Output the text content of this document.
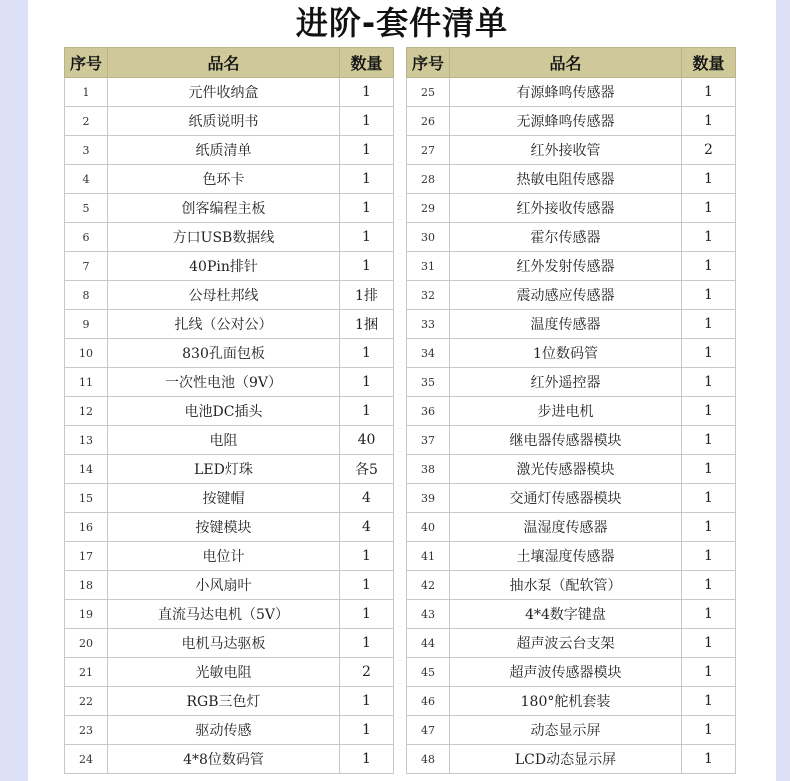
进阶-套件清单
序号	品名	数量
1	元件收纳盒	1
2	纸质说明书	1
3	纸质清单	1
4	色环卡	1
5	创客编程主板	1
6	方口USB数据线	1
7	40Pin排针	1
8	公母杜邦线	1排
9	扎线（公对公）	1捆
10	830孔面包板	1
11	一次性电池（9V）	1
12	电池DC插头	1
13	电阻	40
14	LED灯珠	各5
15	按键帽	4
16	按键模块	4
17	电位计	1
18	小风扇叶	1
19	直流马达电机（5V）	1
20	电机马达驱板	1
21	光敏电阻	2
22	RGB三色灯	1
23	驱动传感	1
24	4*8位数码管	1
序号	品名	数量
25	有源蜂鸣传感器	1
26	无源蜂鸣传感器	1
27	红外接收管	2
28	热敏电阻传感器	1
29	红外接收传感器	1
30	霍尔传感器	1
31	红外发射传感器	1
32	震动感应传感器	1
33	温度传感器	1
34	1位数码管	1
35	红外遥控器	1
36	步进电机	1
37	继电器传感器模块	1
38	激光传感器模块	1
39	交通灯传感器模块	1
40	温湿度传感器	1
41	土壤湿度传感器	1
42	抽水泵（配软管）	1
43	4*4数字键盘	1
44	超声波云台支架	1
45	超声波传感器模块	1
46	180°舵机套装	1
47	动态显示屏	1
48	LCD动态显示屏	1
